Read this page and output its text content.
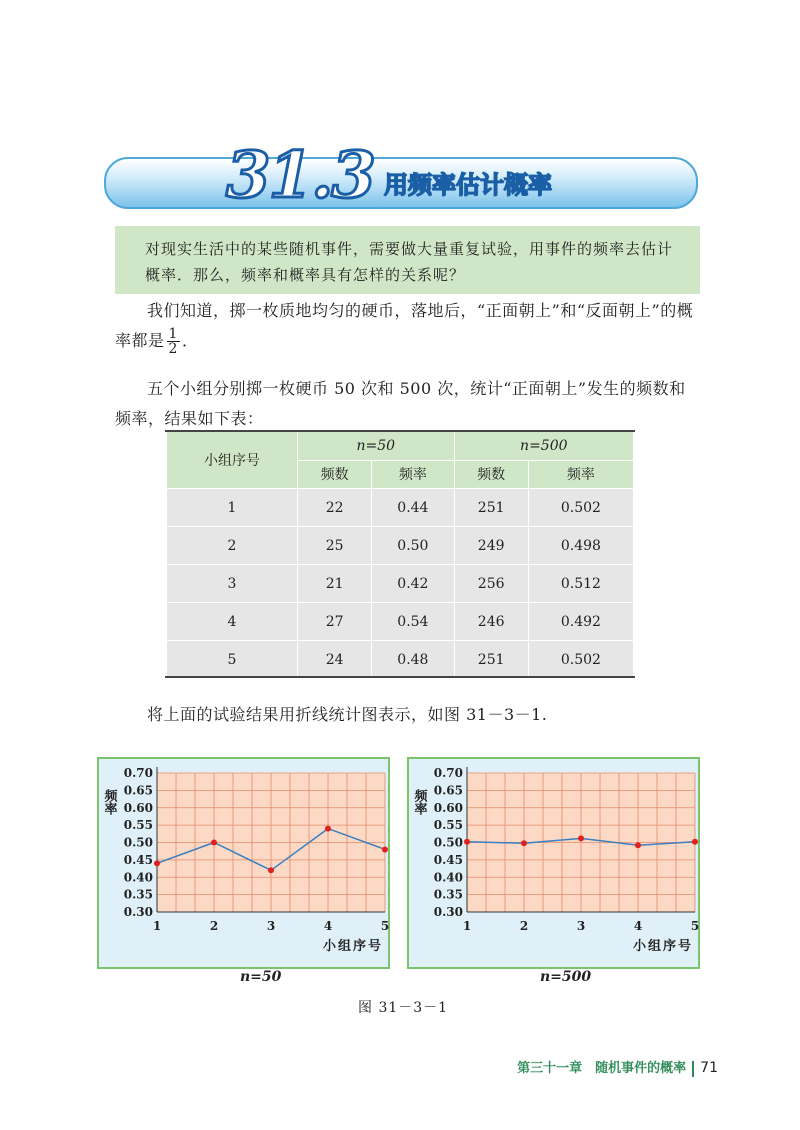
31.3 用频率估计概率
对现实生活中的某些随机事件，需要做大量重复试验，用事件的频率去估计概率．那么，频率和概率具有怎样的关系呢？
我们知道，掷一枚质地均匀的硬币，落地后，“正面朝上”和“反面朝上”的概率都是 $\frac{1}{2}$ ．
五个小组分别掷一枚硬币 50 次和 500 次，统计“正面朝上”发生的频数和频率，结果如下表：
小组序号	n=50		n=500	
	频数	频率	频数	频率
1	22	0.44	251	0.502
2	25	0.50	249	0.498
3	21	0.42	256	0.512
4	27	0.54	246	0.492
5	24	0.48	251	0.502
将上面的试验结果用折线统计图表示，如图 31－3－1.
0.30
0.35
0.40
0.45
0.50
0.55
0.60
0.65
0.70
1	2	3	4	5
频率
小组序号
0.30
0.35
0.40
0.45
0.50
0.55
0.60
0.65
0.70
1	2	3	4	5
频率
小组序号
n=50	n=500
图 31－3－1
第三十一章　随机事件的概率 71
